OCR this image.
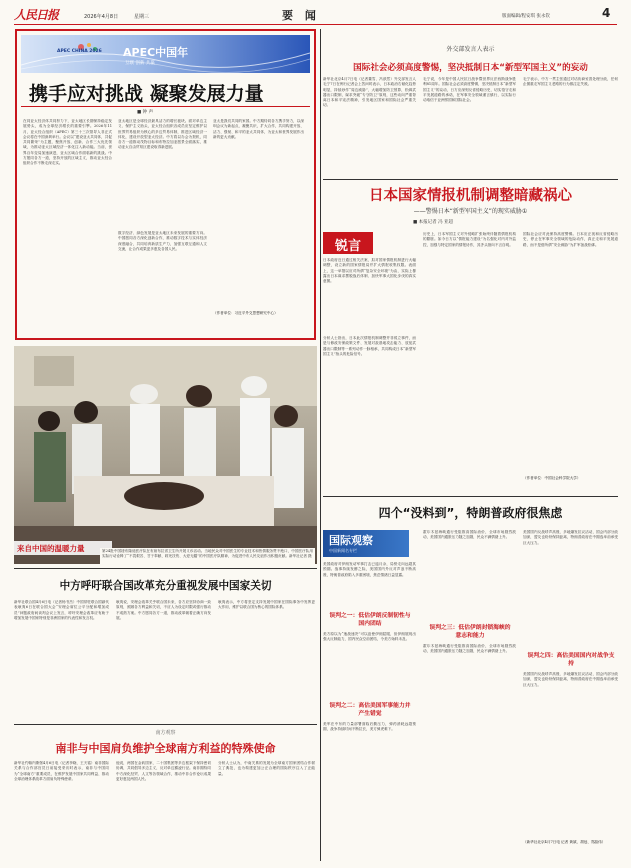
人民日报	2026年4月8日	星期三	要 闻	版面编辑/程安琪 张永钦	4
APEC CHINA 2026 APEC中国年
互联 创新 共赢
携手应对挑战 凝聚发展力量
■ 钟 声
在同亚太经济体共同努力下，亚太地区长期保持稳定发展势头，成为全球经济增长的重要引擎。2026年11月，亚太经合组织（APEC）第三十三次领导人非正式会议将在中国深圳举行。会议以“建设亚太共同体，共促共同繁荣”为主题，聚焦开放、创新、合作三大优先领域，为推动亚太区域经济一体化注入新动能。当前，世界百年变局加速演进，亚太区域合作面临新的挑战。中方愿同各方一道，坚持开放的区域主义，推动亚太经合组织合作不断走深走实。
亚太地区是全球经济最具活力的增长板块。面对单边主义、保护主义抬头，亚太经合组织各成员应坚定维护以世界贸易组织为核心的多边贸易体制，推进区域经济一体化，建设开放型亚太经济。中方将以办会为契机，同各方一道推动茂物目标和布特拉加亚愿景全面落实，推动亚太自由贸易区建设取得新进展。
数字经济、绿色发展是亚太地区未来发展的重要方向。中国愿同各方深化创新合作，推动数字技术与实体经济深度融合，共同培育新质生产力，加强互联互通和人文交流，让合作成果更多惠及各国人民。
亚太是我们共同的家园。中方期待同各方携手努力，以深圳会议为新起点，凝聚共识，扩大合作，共同构建开放、活力、强韧、和平的亚太共同体，为亚太和世界发展作出新的更大贡献。
（作者单位：习近平外交思想研究中心）
外交部发言人表示
国际社会必须高度警惕，坚决抵制日本“新型军国主义”的妄动
新华社北京4月7日电（记者董雪、冯歆然）外交部发言人毛宁7日在例行记者会上答问时表示，日本政治右倾化趋势明显，持续炒作“周边威胁”，大幅增加防卫预算，松绑武器出口限制，谋求突破“专守防卫”原则，这些动向严重背离日本和平宪法精神，引发地区国家和国际社会严重关切。
毛宁说，今年是中国人民抗日战争暨世界反法西斯战争胜利81周年。国际社会必须高度警惕，坚决抵制日本“新型军国主义”的妄动，日方应深刻反省侵略历史，切实恪守走和平发展道路的承诺，在军事安全领域谨言慎行，以实际行动取信于亚洲邻国和国际社会。
毛宁表示，中方一贯主张通过对话协商妥善处理分歧，任何企图重走军国主义老路的行为都注定失败。
日本国家情报机制调整暗藏祸心
——警惕日本“新型军国主义”的现实威胁①
■ 本报记者 冯 亚超
锐言
日本政府近日通过相关法案，拟对国家情报机制进行大幅调整，设立新的国家情报局并扩大情报收集权限。表面上，这一举措以应对所谓“复杂安全环境”为由，实际上暴露出日本谋求摆脱战后体制、加快军事大国化步伐的真实意图。
分析人士指出，日本此次情报机制调整并非孤立事件，而是与修改安保政策文件、发展对敌基地攻击能力、放宽武器出口限制等一系列动作一脉相承，共同构成日本“新型军国主义”抬头的危险信号。
历史上，日本军国主义对外侵略扩张始终伴随着情报机构的膨胀。如今日方以“情报能力建设”为名强化对内对外监控，加强与特定国家的情报协作，其矛头指向不言自明。
国际社会应对此保持高度警惕。日本应正视和反省侵略历史，停止在军事安全领域的危险动作，真正走和平发展道路，而不是借所谓“安全威胁”为扩军备战松绑。
（作者单位：中国社会科学院大学）
来自中国的温暖力量	第24批中国援布隆迪医疗队在布琼布拉省卫生所开展义诊活动。当地民众对中国医生的专业技术和热情服务赞不绝口，中国医疗队用实际行动诠释了“不畏艰苦、甘于奉献、救死扶伤、大爱无疆”的中国医疗队精神，为促进中布人民友谊作出积极贡献。新华社记者 摄
四个“没料到”，特朗普政府很焦虑
国际观察
中国新闻名专栏
美国政府对伊朗发动军事打击已逾月余，局势走向远超其预期。战事持续发酵之际，美国国内外反对声浪不断高涨，特朗普政府陷入多重困境，焦虑情绪日益显露。
误判之一：低估伊朗反制韧性与国内团结
美方原以为“速战速决”可以迫使伊朗屈服，但伊朗展现出强大反制能力，国内民众空前团结，令美方始料未及。
误判之二：高估美国军事能力并产生错觉
美军在中东的力量部署面临后勤压力，弹药消耗远超预期，战争持续时间不断拉长，美方骑虎难下。
霍尔木兹海峡通行受阻推高国际油价，全球市场剧烈波动，美国国内通胀压力随之加剧，民众不满情绪上升。
误判之三：低估伊朗封锁海峡的意志和能力
霍尔木兹海峡通行受阻推高国际油价，全球市场剧烈波动，美国国内通胀压力随之加剧，民众不满情绪上升。
美国国内反战呼声高涨，多地爆发抗议活动，国会内部分歧加深，盟友也纷纷保持距离，特朗普政府在中期选举前承受巨大压力。
误判之四：高估美国国内对战争支持
美国国内反战呼声高涨，多地爆发抗议活动，国会内部分歧加深，盟友也纷纷保持距离，特朗普政府在中期选举前承受巨大压力。
（新华社北京4月7日电 记者 黄斌、胡冠、郑晶伟）
中方呼吁联合国改革充分重视发展中国家关切
新华社联合国4月6日电（记者杨书杰）中国常驻联合国副代表耿爽6日在联合国大会“安理会席位公平分配和增加成员”问题政府间谈判会议上发言，呼吁安理会改革应有助于增加发展中国家特别是非洲国家的代表性和发言权。
耿爽说，安理会改革关乎联合国未来，各方应坚持协商一致原则，照顾各方利益和关切，不应人为设定时限或强行推动不成熟方案。中方愿同各方一道，推动改革朝着正确方向发展。
耿爽表示，中方将坚定支持发展中国家在国际事务中发挥更大作用，维护以联合国为核心的国际体系。
南方观察
南非与中国肩负维护全球南方利益的特殊使命
新华社约翰内斯堡4月6日电（记者李晓、王天铭）南非国际关系与合作部官员日前接受采访时表示，南非与中国同为“全球南方”重要成员，在维护发展中国家共同利益、推动全球治理体系改革方面肩负特殊使命。
他说，两国在金砖国家、二十国集团等多边框架下保持密切协调，共同倡导多边主义，反对单边霸凌行径。南非期待同中方深化经贸、人文等各领域合作，推动中非合作论坛成果更好惠及两国人民。
分析人士认为，中南关系的发展为全球南方国家团结合作树立了典范，也为构建更加公正合理的国际秩序注入了正能量。
